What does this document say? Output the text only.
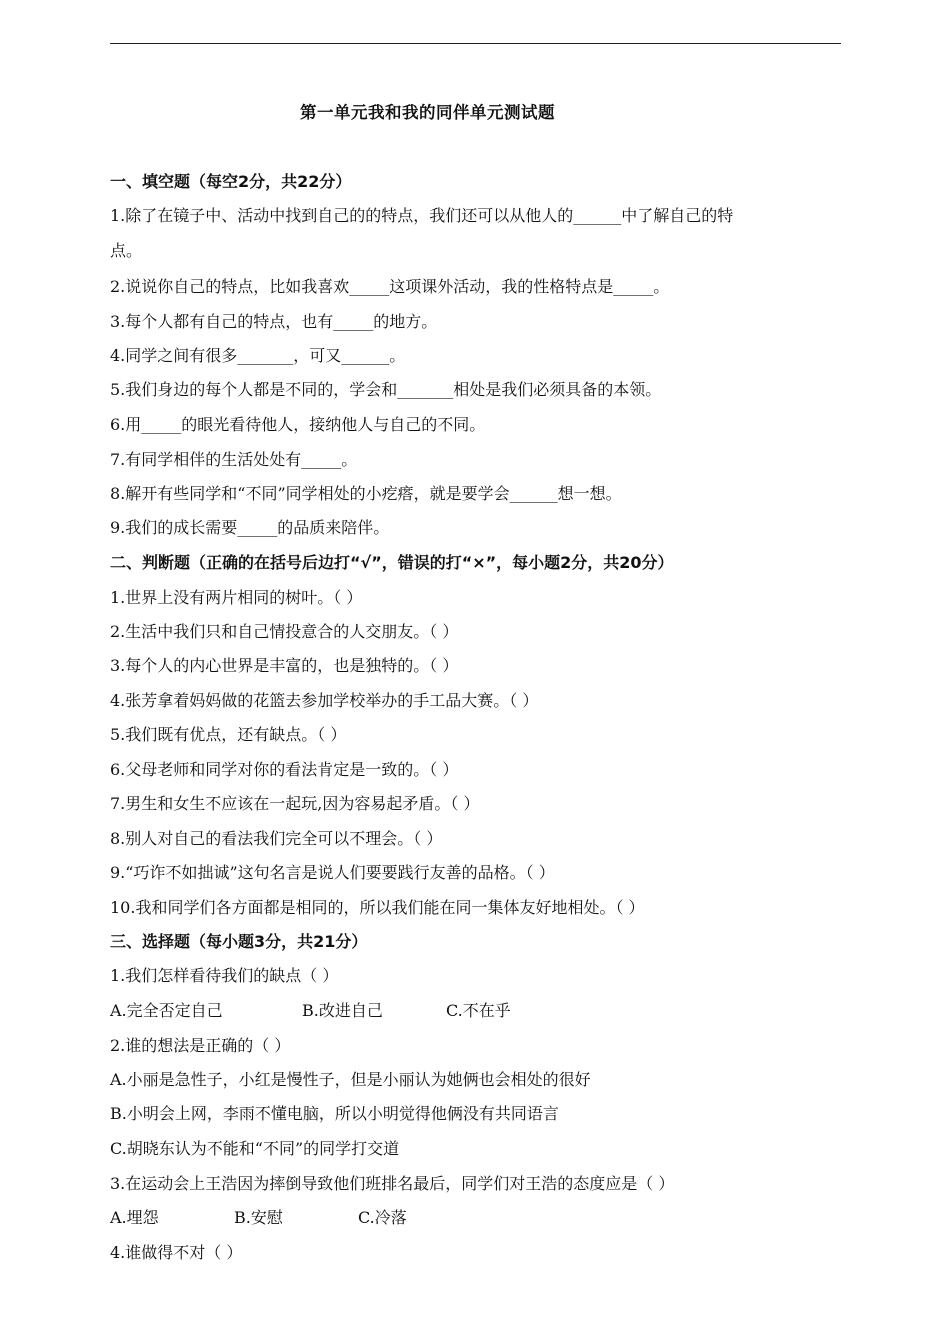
第一单元我和我的同伴单元测试题
一、填空题（每空2分，共22分）
1.除了在镜子中、活动中找到自己的的特点，我们还可以从他人的______中了解自己的特
点。
2.说说你自己的特点，比如我喜欢_____这项课外活动，我的性格特点是_____。
3.每个人都有自己的特点，也有_____的地方。
4.同学之间有很多_______，可又______。
5.我们身边的每个人都是不同的，学会和_______相处是我们必须具备的本领。
6.用_____的眼光看待他人，接纳他人与自己的不同。
7.有同学相伴的生活处处有_____。
8.解开有些同学和“不同”同学相处的小疙瘩，就是要学会______想一想。
9.我们的成长需要_____的品质来陪伴。
二、判断题（正确的在括号后边打“√”，错误的打“×”，每小题2分，共20分）
1.世界上没有两片相同的树叶。（ ）
2.生活中我们只和自己情投意合的人交朋友。（ ）
3.每个人的内心世界是丰富的，也是独特的。（ ）
4.张芳拿着妈妈做的花篮去参加学校举办的手工品大赛。（ ）
5.我们既有优点，还有缺点。（ ）
6.父母老师和同学对你的看法肯定是一致的。（ ）
7.男生和女生不应该在一起玩,因为容易起矛盾。（ ）
8.别人对自己的看法我们完全可以不理会。（ ）
9.“巧诈不如拙诚”这句名言是说人们要要践行友善的品格。（ ）
10.我和同学们各方面都是相同的，所以我们能在同一集体友好地相处。（ ）
三、选择题（每小题3分，共21分）
1.我们怎样看待我们的缺点（ ）
A.完全否定自己	B.改进自己	C.不在乎
2.谁的想法是正确的（ ）
A.小丽是急性子，小红是慢性子，但是小丽认为她俩也会相处的很好
B.小明会上网，李雨不懂电脑，所以小明觉得他俩没有共同语言
C.胡晓东认为不能和“不同”的同学打交道
3.在运动会上王浩因为摔倒导致他们班排名最后，同学们对王浩的态度应是（ ）
A.埋怨	B.安慰	C.冷落
4.谁做得不对（ ）
